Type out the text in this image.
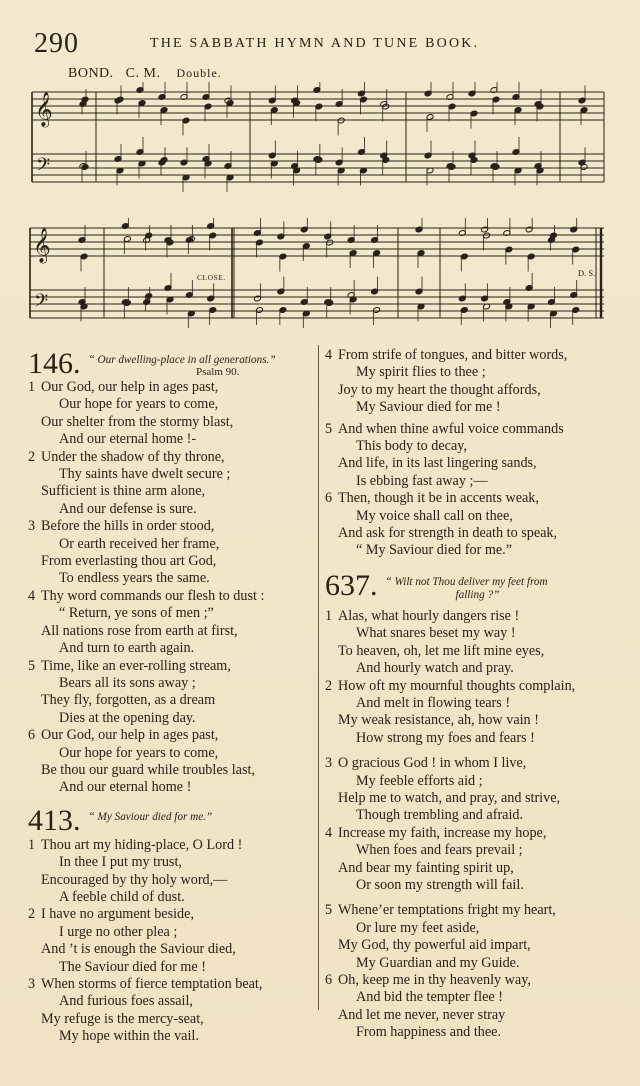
290	THE SABBATH HYMN AND TUNE BOOK.
BOND. C. M. Double.
𝄞
𝄢
𝄞
𝄢
CLOSE.	D. S.
146. “ Our dwelling-place in all generations.”
Psalm 90.
1 Our God, our help in ages past,
Our hope for years to come,
Our shelter from the stormy blast,
And our eternal home !-
2 Under the shadow of thy throne,
Thy saints have dwelt secure ;
Sufficient is thine arm alone,
And our defense is sure.
3 Before the hills in order stood,
Or earth received her frame,
From everlasting thou art God,
To endless years the same.
4 Thy word commands our flesh to dust :
“ Return, ye sons of men ;”
All nations rose from earth at first,
And turn to earth again.
5 Time, like an ever-rolling stream,
Bears all its sons away ;
They fly, forgotten, as a dream
Dies at the opening day.
6 Our God, our help in ages past,
Our hope for years to come,
Be thou our guard while troubles last,
And our eternal home !
413. “ My Saviour died for me.”
1 Thou art my hiding-place, O Lord !
In thee I put my trust,
Encouraged by thy holy word,—
A feeble child of dust.
2 I have no argument beside,
I urge no other plea ;
And ’t is enough the Saviour died,
The Saviour died for me !
3 When storms of fierce temptation beat,
And furious foes assail,
My refuge is the mercy-seat,
My hope within the vail.
4 From strife of tongues, and bitter words,
My spirit flies to thee ;
Joy to my heart the thought affords,
My Saviour died for me !
5 And when thine awful voice commands
This body to decay,
And life, in its last lingering sands,
Is ebbing fast away ;—
6 Then, though it be in accents weak,
My voice shall call on thee,
And ask for strength in death to speak,
“ My Saviour died for me.”
637. “ Wilt not Thou deliver my feet from
falling ?”
1 Alas, what hourly dangers rise !
What snares beset my way !
To heaven, oh, let me lift mine eyes,
And hourly watch and pray.
2 How oft my mournful thoughts complain,
And melt in flowing tears !
My weak resistance, ah, how vain !
How strong my foes and fears !
3 O gracious God ! in whom I live,
My feeble efforts aid ;
Help me to watch, and pray, and strive,
Though trembling and afraid.
4 Increase my faith, increase my hope,
When foes and fears prevail ;
And bear my fainting spirit up,
Or soon my strength will fail.
5 Whene’er temptations fright my heart,
Or lure my feet aside,
My God, thy powerful aid impart,
My Guardian and my Guide.
6 Oh, keep me in thy heavenly way,
And bid the tempter flee !
And let me never, never stray
From happiness and thee.
